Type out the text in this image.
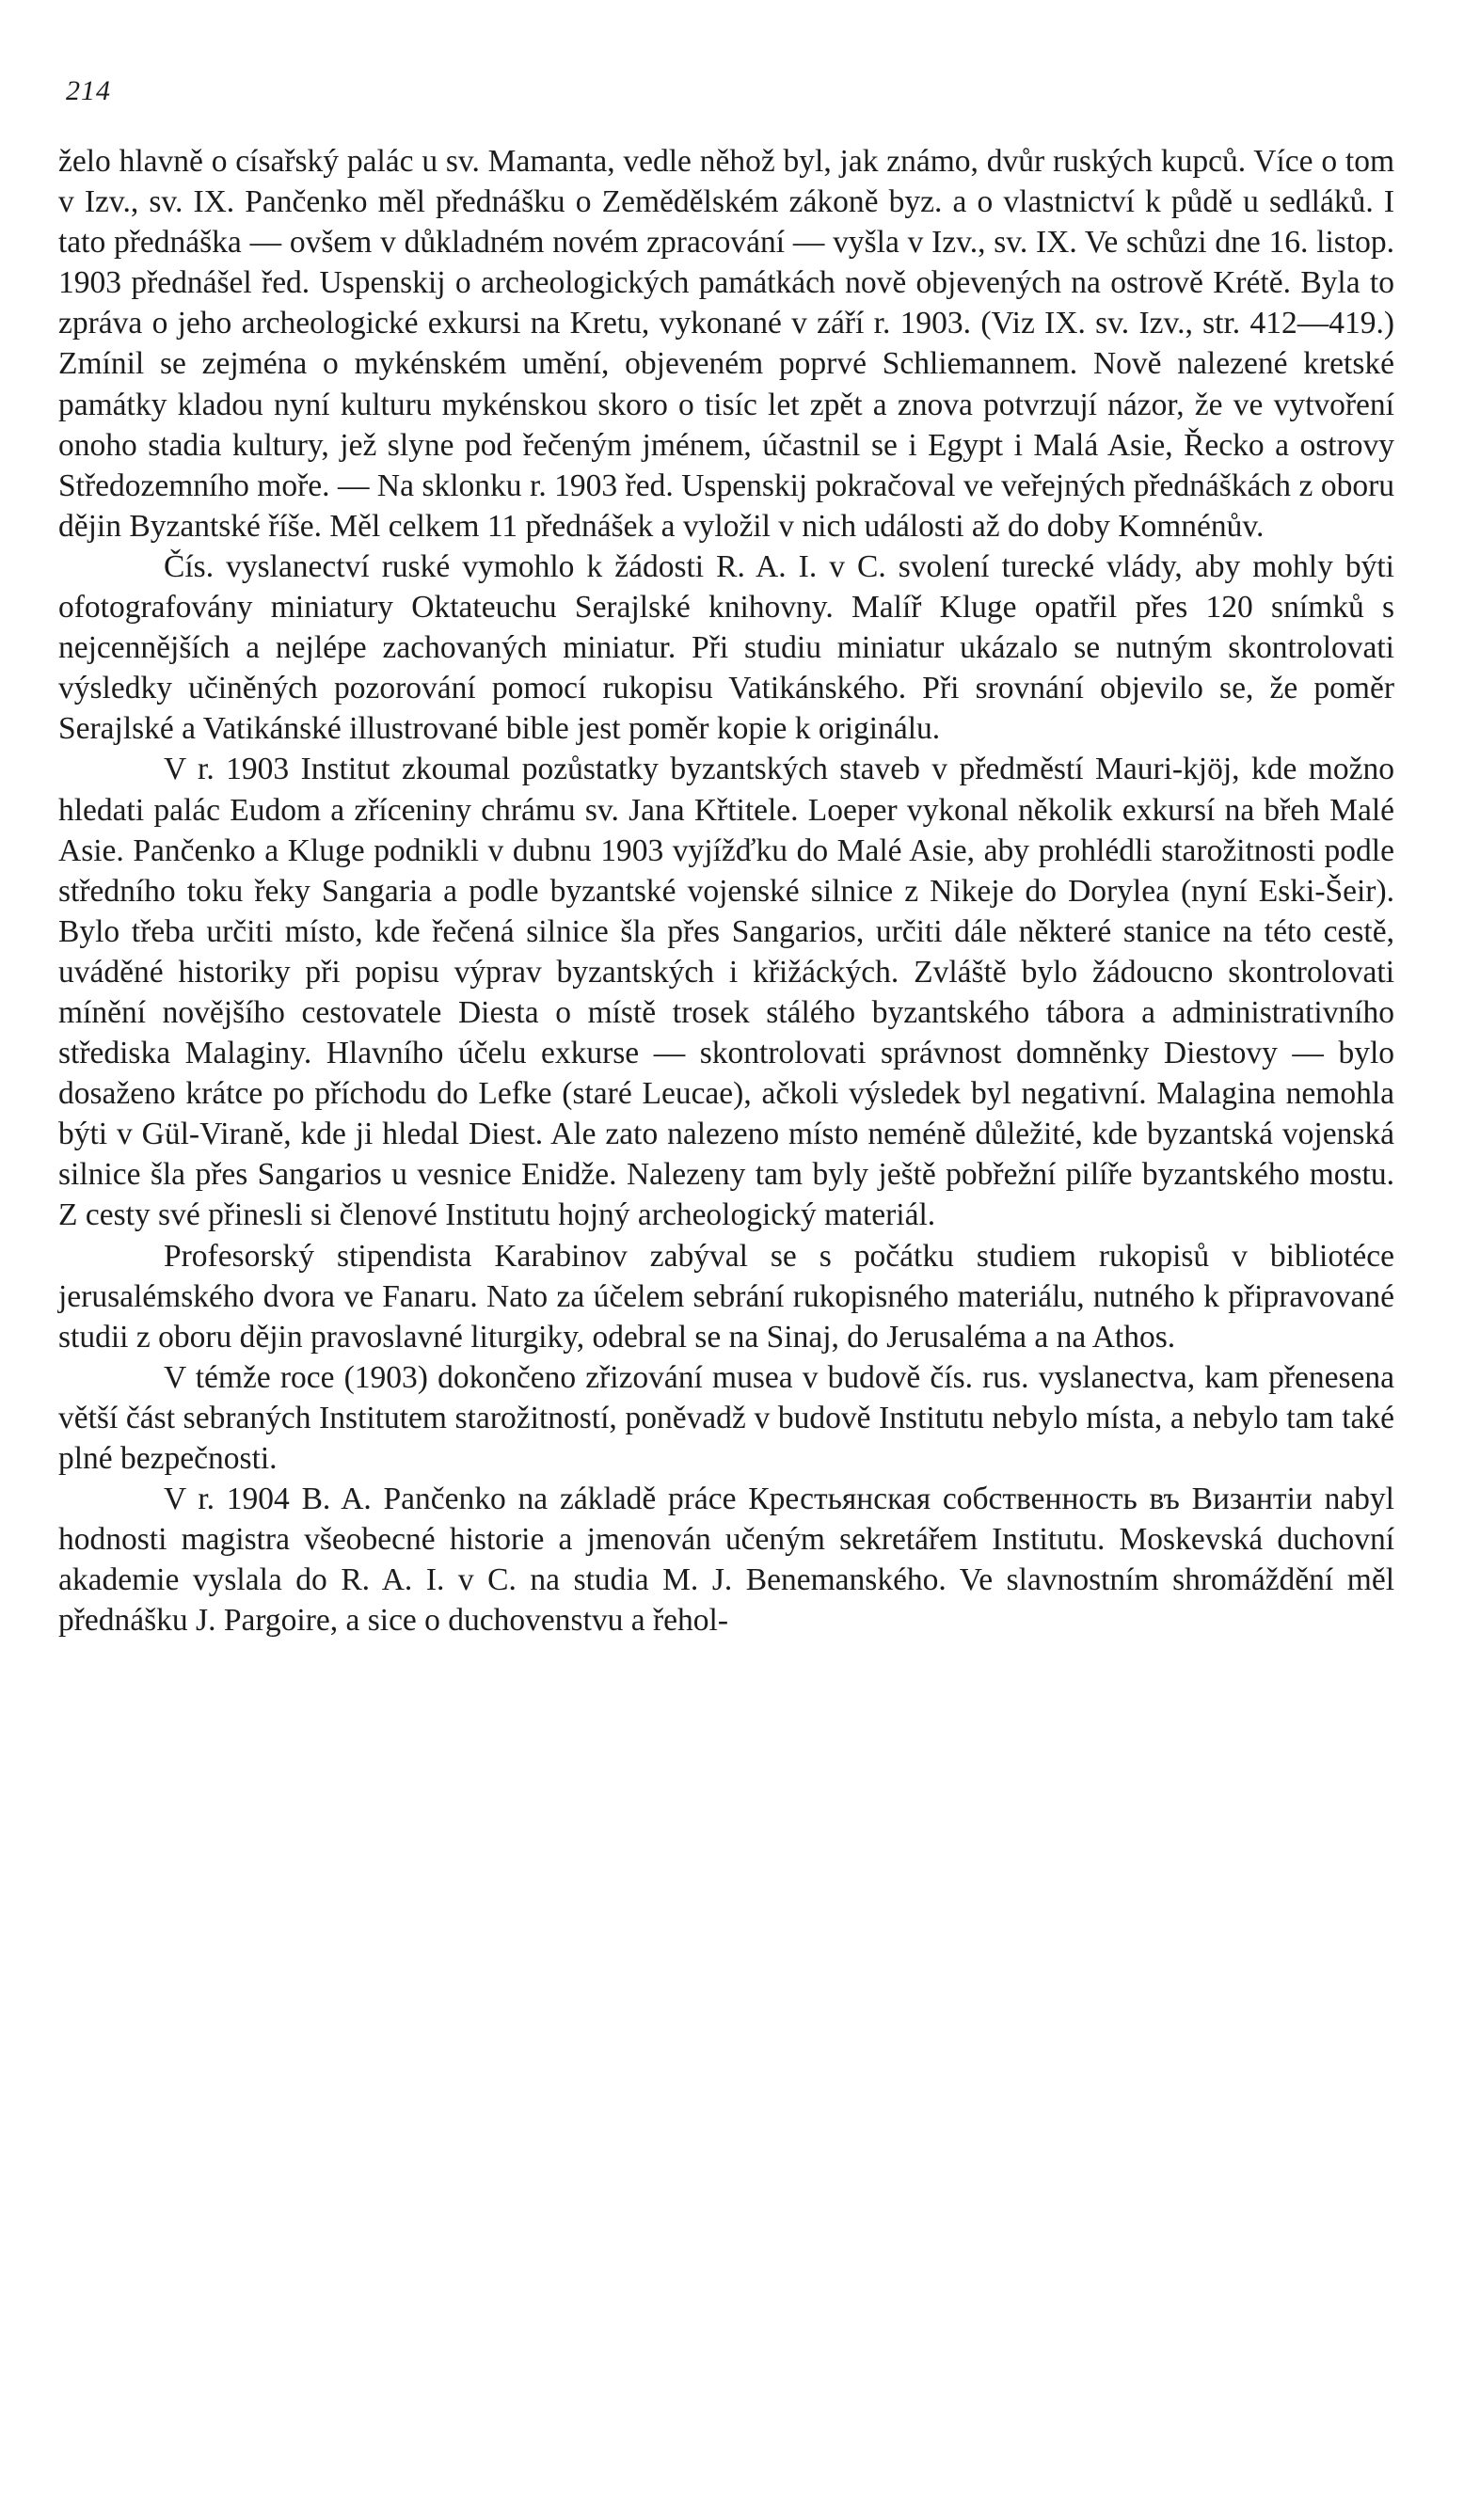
214

želo hlavně o císařský palác u sv. Mamanta, vedle něhož byl, jak známo, dvůr ruských kupců. Více o tom v Izv., sv. IX. Pančenko měl přednášku o Zemědělském zákoně byz. a o vlastnictví k půdě u sedláků. I tato přednáška — ovšem v důkladném novém zpracování — vyšla v Izv., sv. IX. Ve schůzi dne 16. listop. 1903 přednášel řed. Uspenskij o archeologických památkách nově objevených na ostrově Krétě. Byla to zpráva o jeho archeologické exkursi na Kretu, vykonané v září r. 1903. (Viz IX. sv. Izv., str. 412—419.) Zmínil se zejména o mykénském umění, objeveném poprvé Schliemannem. Nově nalezené kretské památky kladou nyní kulturu mykénskou skoro o tisíc let zpět a znova potvrzují názor, že ve vytvoření onoho stadia kultury, jež slyne pod řečeným jménem, účastnil se i Egypt i Malá Asie, Řecko a ostrovy Středozemního moře. — Na sklonku r. 1903 řed. Uspenskij pokračoval ve veřejných přednáškách z oboru dějin Byzantské říše. Měl celkem 11 přednášek a vyložil v nich události až do doby Komnénův.

Čís. vyslanectví ruské vymohlo k žádosti R. A. I. v C. svolení turecké vlády, aby mohly býti ofotografovány miniatury Oktateuchu Serajlské knihovny. Malíř Kluge opatřil přes 120 snímků s nejcennějších a nejlépe zachovaných miniatur. Při studiu miniatur ukázalo se nutným skontrolovati výsledky učiněných pozorování pomocí rukopisu Vatikánského. Při srovnání objevilo se, že poměr Serajlské a Vatikánské illustrované bible jest poměr kopie k originálu.

V r. 1903 Institut zkoumal pozůstatky byzantských staveb v předměstí Mauri-kjöj, kde možno hledati palác Eudom a zříceniny chrámu sv. Jana Křtitele. Loeper vykonal několik exkursí na břeh Malé Asie. Pančenko a Kluge podnikli v dubnu 1903 vyjížďku do Malé Asie, aby prohlédli starožitnosti podle středního toku řeky Sangaria a podle byzantské vojenské silnice z Nikeje do Dorylea (nyní Eski-Šeir). Bylo třeba určiti místo, kde řečená silnice šla přes Sangarios, určiti dále některé stanice na této cestě, uváděné historiky při popisu výprav byzantských i křižáckých. Zvláště bylo žádoucno skontrolovati mínění novějšího cestovatele Diesta o místě trosek stálého byzantského tábora a administrativního střediska Malaginy. Hlavního účelu exkurse — skontrolovati správnost domněnky Diestovy — bylo dosaženo krátce po příchodu do Lefke (staré Leucae), ačkoli výsledek byl negativní. Malagina nemohla býti v Gül-Viraně, kde ji hledal Diest. Ale zato nalezeno místo neméně důležité, kde byzantská vojenská silnice šla přes Sangarios u vesnice Enidže. Nalezeny tam byly ještě pobřežní pilíře byzantského mostu. Z cesty své přinesli si členové Institutu hojný archeologický materiál.

Profesorský stipendista Karabinov zabýval se s počátku studiem rukopisů v bibliotéce jerusalémského dvora ve Fanaru. Nato za účelem sebrání rukopisného materiálu, nutného k připravované studii z oboru dějin pravoslavné liturgiky, odebral se na Sinaj, do Jerusaléma a na Athos.

V témže roce (1903) dokončeno zřizování musea v budově čís. rus. vyslanectva, kam přenesena větší část sebraných Institutem starožitností, poněvadž v budově Institutu nebylo místa, a nebylo tam také plné bezpečnosti.

V r. 1904 B. A. Pančenko na základě práce Крестьянская собственность въ Византіи nabyl hodnosti magistra všeobecné historie a jmenován učeným sekretářem Institutu. Moskevská duchovní akademie vyslala do R. A. I. v C. na studia M. J. Benemanského. Ve slavnostním shromáždění měl přednášku J. Pargoire, a sice o duchovenstvu a řehol-
